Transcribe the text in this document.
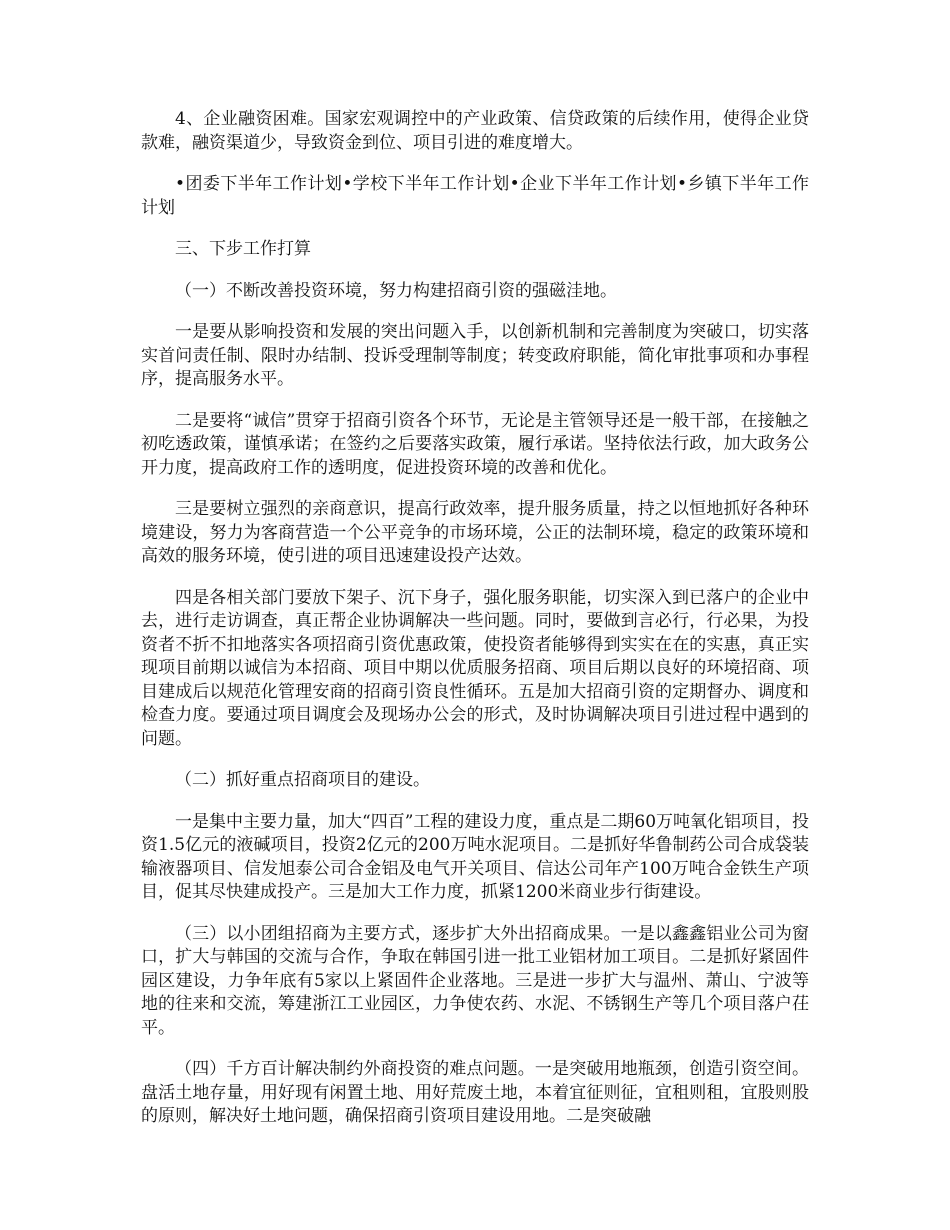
4、企业融资困难。国家宏观调控中的产业政策、信贷政策的后续作用，使得企业贷款难，融资渠道少，导致资金到位、项目引进的难度增大。

•团委下半年工作计划•学校下半年工作计划•企业下半年工作计划•乡镇下半年工作计划

三、下步工作打算

（一）不断改善投资环境，努力构建招商引资的强磁洼地。

一是要从影响投资和发展的突出问题入手，以创新机制和完善制度为突破口，切实落实首问责任制、限时办结制、投诉受理制等制度；转变政府职能，简化审批事项和办事程序，提高服务水平。

二是要将“诚信”贯穿于招商引资各个环节，无论是主管领导还是一般干部，在接触之初吃透政策，谨慎承诺；在签约之后要落实政策，履行承诺。坚持依法行政，加大政务公开力度，提高政府工作的透明度，促进投资环境的改善和优化。

三是要树立强烈的亲商意识，提高行政效率，提升服务质量，持之以恒地抓好各种环境建设，努力为客商营造一个公平竞争的市场环境，公正的法制环境，稳定的政策环境和高效的服务环境，使引进的项目迅速建设投产达效。

四是各相关部门要放下架子、沉下身子，强化服务职能，切实深入到已落户的企业中去，进行走访调查，真正帮企业协调解决一些问题。同时，要做到言必行，行必果，为投资者不折不扣地落实各项招商引资优惠政策，使投资者能够得到实实在在的实惠，真正实现项目前期以诚信为本招商、项目中期以优质服务招商、项目后期以良好的环境招商、项目建成后以规范化管理安商的招商引资良性循环。五是加大招商引资的定期督办、调度和检查力度。要通过项目调度会及现场办公会的形式，及时协调解决项目引进过程中遇到的问题。

（二）抓好重点招商项目的建设。

一是集中主要力量，加大“四百”工程的建设力度，重点是二期60万吨氧化铝项目，投资1.5亿元的液碱项目，投资2亿元的200万吨水泥项目。二是抓好华鲁制药公司合成袋装输液器项目、信发旭泰公司合金铝及电气开关项目、信达公司年产100万吨合金铁生产项目，促其尽快建成投产。三是加大工作力度，抓紧1200米商业步行街建设。

（三）以小团组招商为主要方式，逐步扩大外出招商成果。一是以鑫鑫铝业公司为窗口，扩大与韩国的交流与合作，争取在韩国引进一批工业铝材加工项目。二是抓好紧固件园区建设，力争年底有5家以上紧固件企业落地。三是进一步扩大与温州、萧山、宁波等地的往来和交流，筹建浙江工业园区，力争使农药、水泥、不锈钢生产等几个项目落户茌平。

（四）千方百计解决制约外商投资的难点问题。一是突破用地瓶颈，创造引资空间。盘活土地存量，用好现有闲置土地、用好荒废土地，本着宜征则征，宜租则租，宜股则股的原则，解决好土地问题，确保招商引资项目建设用地。二是突破融
